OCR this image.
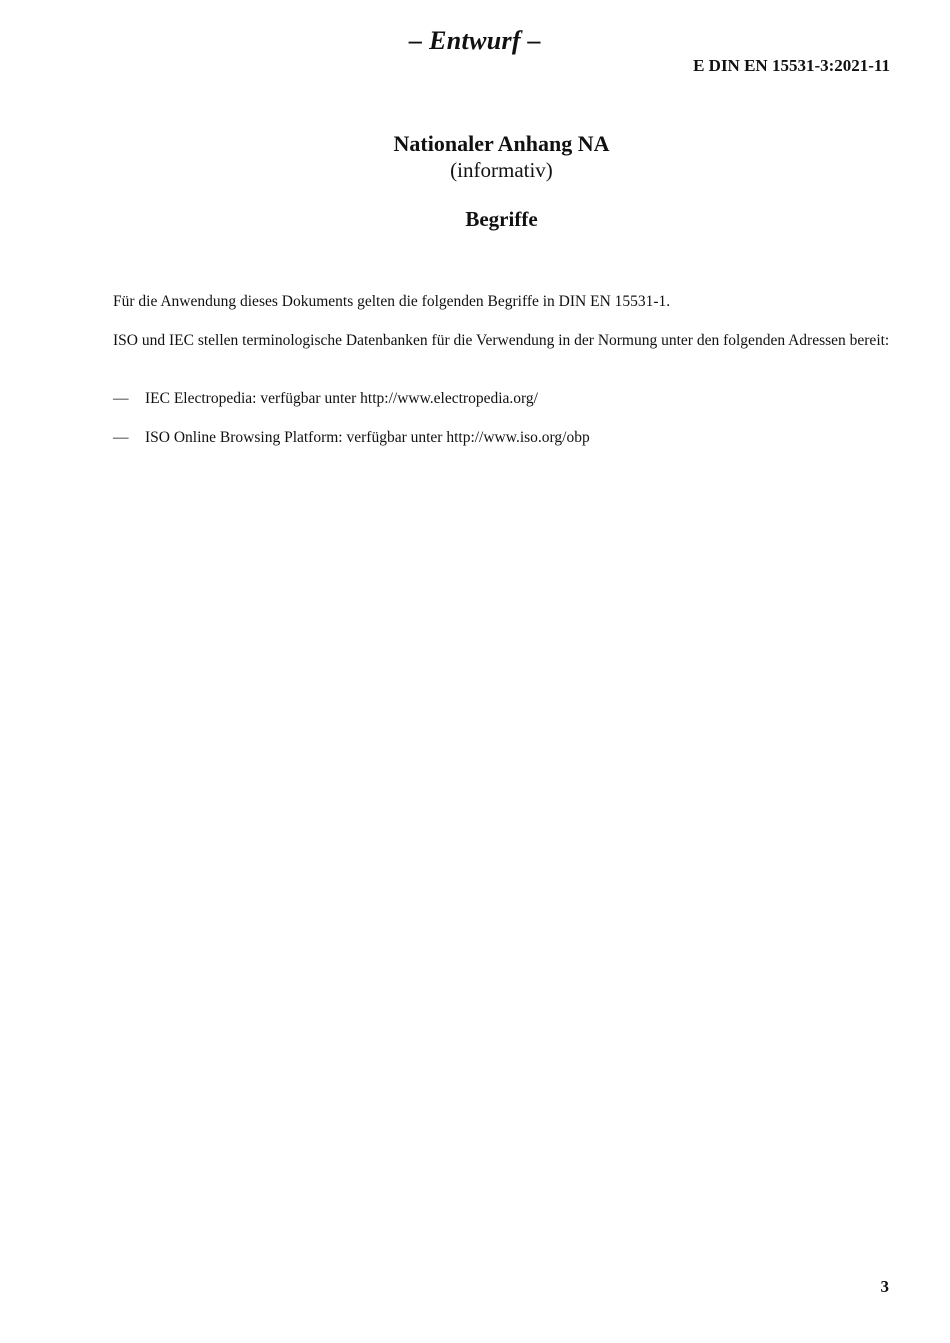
– Entwurf –
E DIN EN 15531-3:2021-11
Nationaler Anhang NA
(informativ)
Begriffe
Für die Anwendung dieses Dokuments gelten die folgenden Begriffe in DIN EN 15531-1.
ISO und IEC stellen terminologische Datenbanken für die Verwendung in der Normung unter den folgenden Adressen bereit:
— IEC Electropedia: verfügbar unter http://www.electropedia.org/
— ISO Online Browsing Platform: verfügbar unter http://www.iso.org/obp
3
